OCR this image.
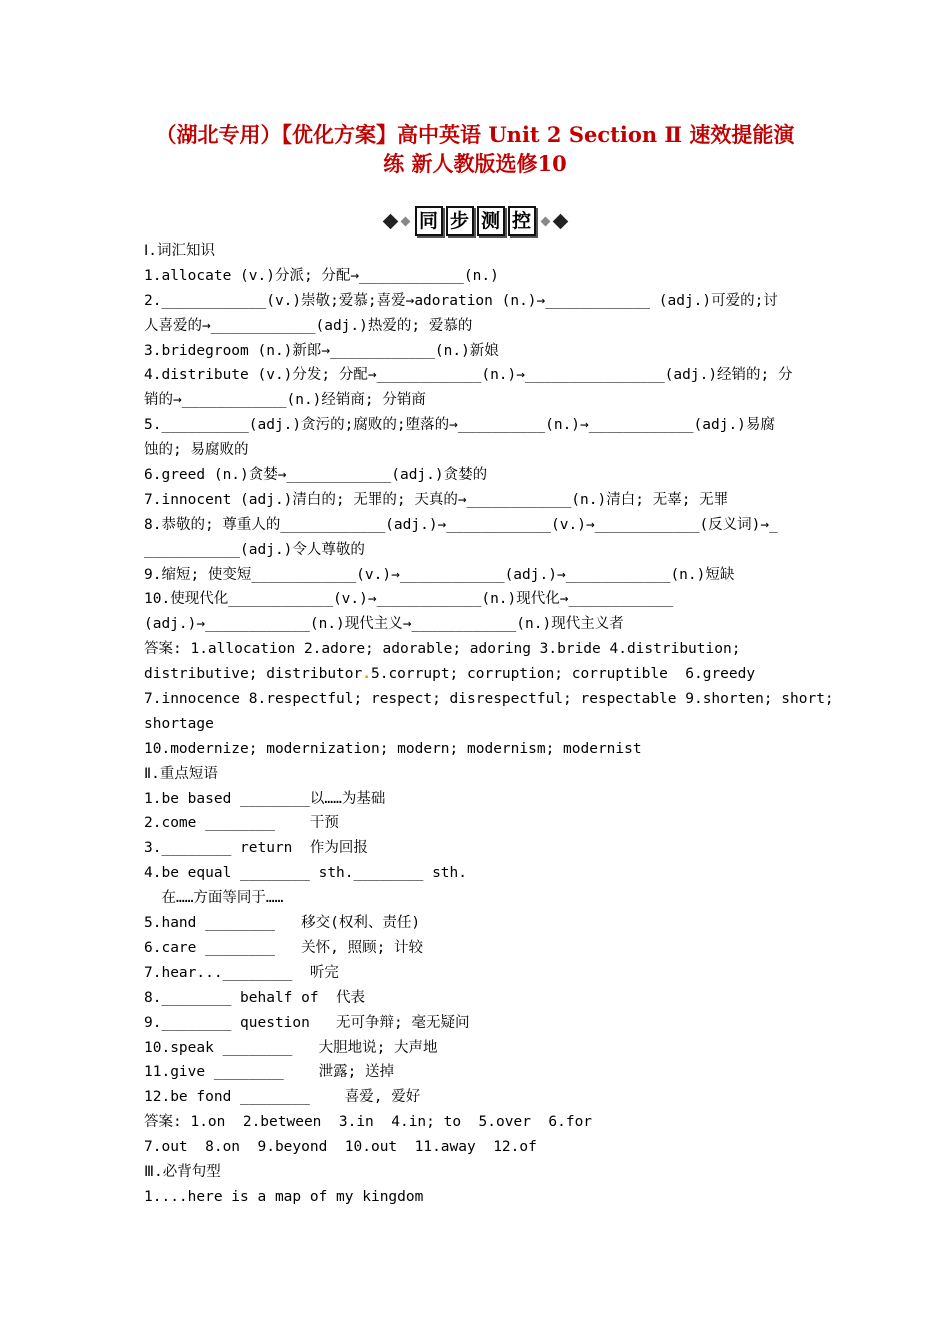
（湖北专用）【优化方案】高中英语 Unit 2 Section Ⅱ 速效提能演
练 新人教版选修10
同 步 测 控
Ⅰ.词汇知识
1.allocate (v.)分派; 分配→____________(n.)
2.____________(v.)崇敬;爱慕;喜爱→adoration (n.)→____________ (adj.)可爱的;讨
人喜爱的→____________(adj.)热爱的; 爱慕的
3.bridegroom (n.)新郎→____________(n.)新娘
4.distribute (v.)分发; 分配→____________(n.)→________________(adj.)经销的; 分
销的→____________(n.)经销商; 分销商
5.__________(adj.)贪污的;腐败的;堕落的→__________(n.)→____________(adj.)易腐
蚀的; 易腐败的
6.greed (n.)贪婪→____________(adj.)贪婪的
7.innocent (adj.)清白的; 无罪的; 天真的→____________(n.)清白; 无辜; 无罪
8.恭敬的; 尊重人的____________(adj.)→____________(v.)→____________(反义词)→_
___________(adj.)令人尊敬的
9.缩短; 使变短____________(v.)→____________(adj.)→____________(n.)短缺
10.使现代化____________(v.)→____________(n.)现代化→____________
(adj.)→____________(n.)现代主义→____________(n.)现代主义者
答案: 1.allocation 2.adore; adorable; adoring 3.bride 4.distribution;
distributive; distributor.5.corrupt; corruption; corruptible  6.greedy
7.innocence 8.respectful; respect; disrespectful; respectable 9.shorten; short;
shortage
10.modernize; modernization; modern; modernism; modernist
Ⅱ.重点短语
1.be based ________以……为基础
2.come ________    干预
3.________ return  作为回报
4.be equal ________ sth.________ sth.
在……方面等同于……
5.hand ________   移交(权利、责任)
6.care ________   关怀, 照顾; 计较
7.hear...________  听完
8.________ behalf of  代表
9.________ question   无可争辩; 毫无疑问
10.speak ________   大胆地说; 大声地
11.give ________    泄露; 送掉
12.be fond ________    喜爱, 爱好
答案: 1.on  2.between  3.in  4.in; to  5.over  6.for
7.out  8.on  9.beyond  10.out  11.away  12.of
Ⅲ.必背句型
1....here is a map of my kingdom
